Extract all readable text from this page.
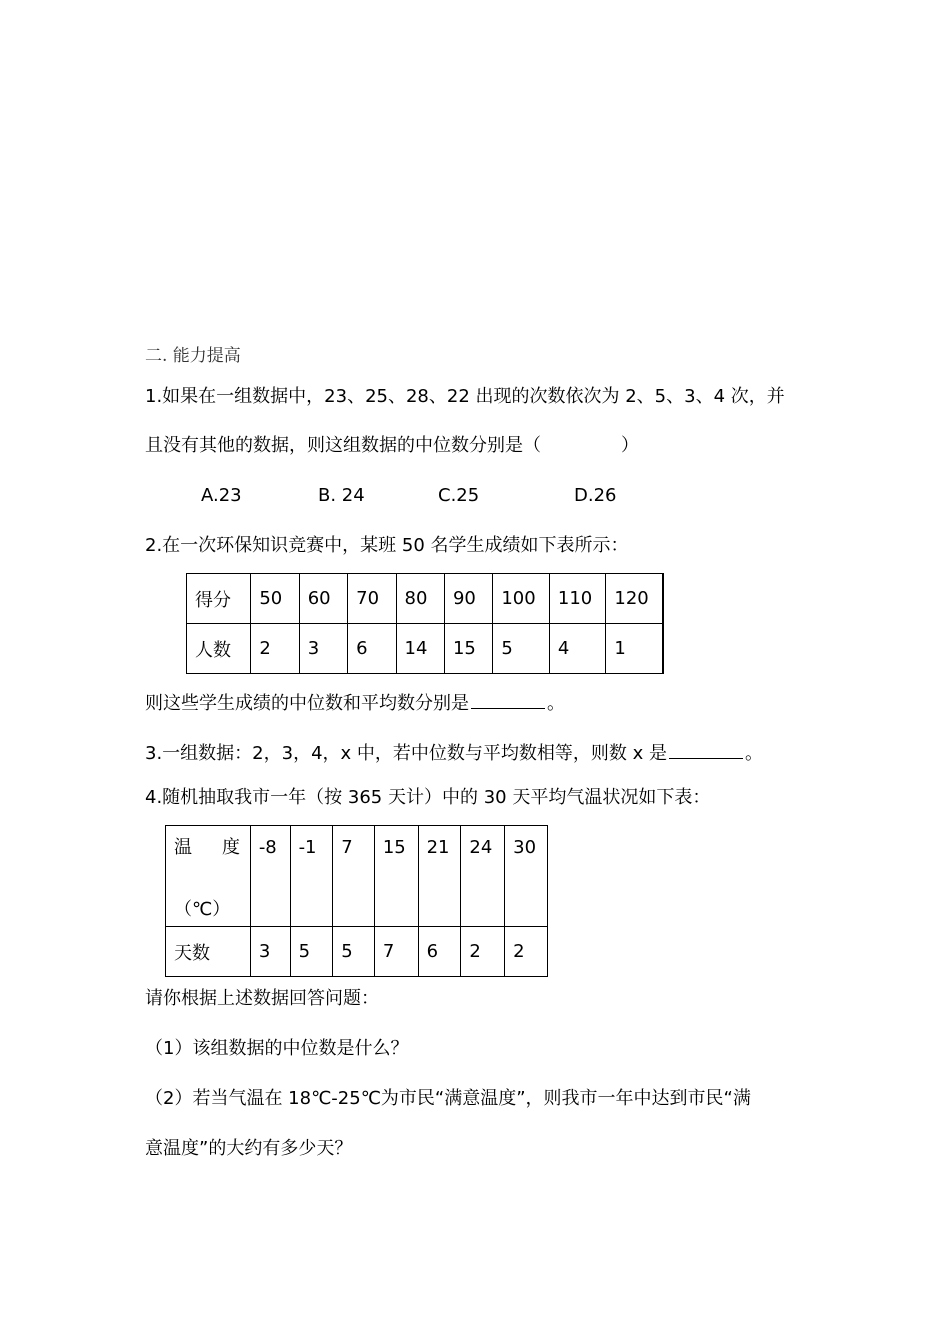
二. 能力提高
1.如果在一组数据中，23、25、28、22 出现的次数依次为 2、5、3、4 次，并
且没有其他的数据，则这组数据的中位数分别是（	）
A.23	B. 24	C.25	D.26
2.在一次环保知识竞赛中，某班 50 名学生成绩如下表所示：
得分	50	60	70	80	90	100	110	120
人数	2	3	6	14	15	5	4	1
则这些学生成绩的中位数和平均数分别是	。
3.一组数据：2，3，4，x 中，若中位数与平均数相等，则数 x 是	。
4.随机抽取我市一年（按 365 天计）中的 30 天平均气温状况如下表：
温 度
（℃）	-8	-1	7	15	21	24	30

天数	3	5	5	7	6	2	2
请你根据上述数据回答问题：
（1）该组数据的中位数是什么？
（2）若当气温在 18℃-25℃为市民“满意温度”，则我市一年中达到市民“满
意温度”的大约有多少天？
